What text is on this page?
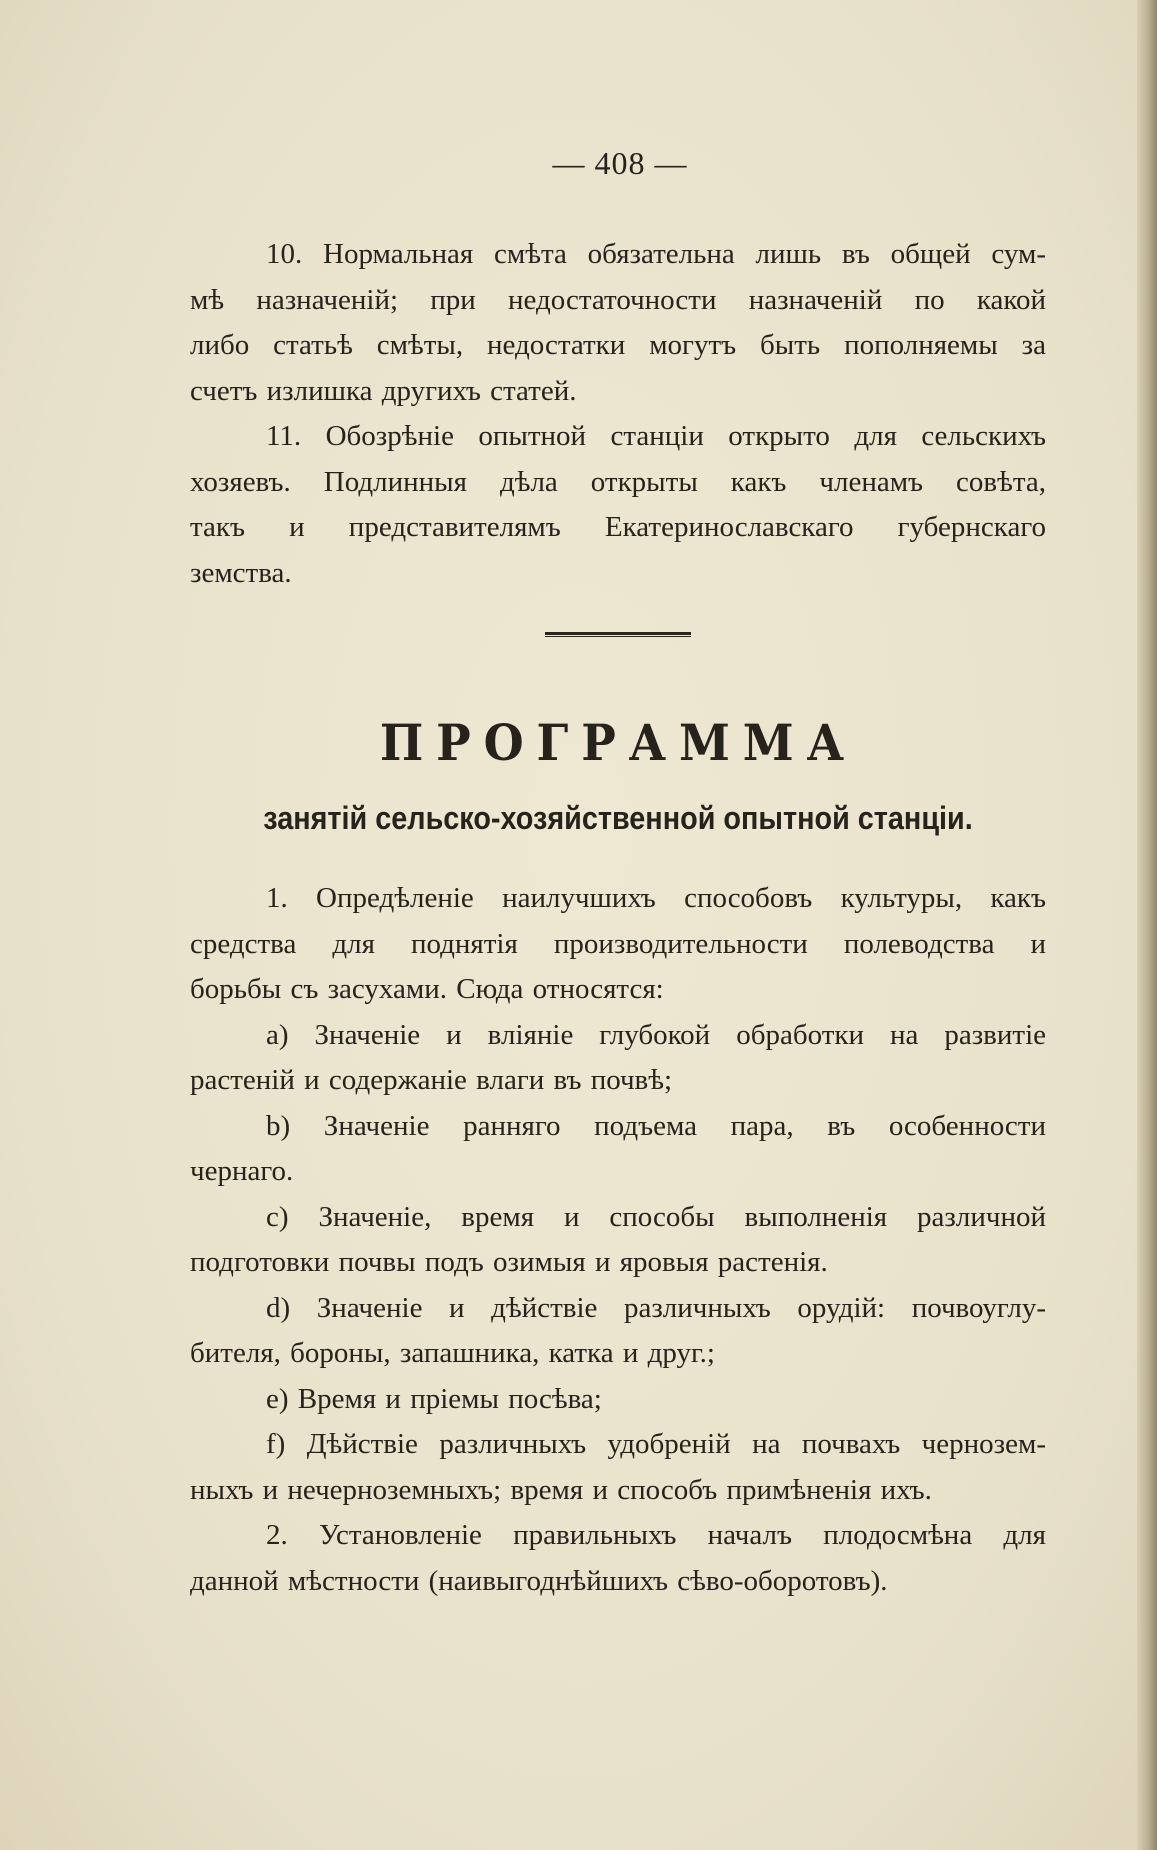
— 408 —
10. Нормальная смѣта обязательна лишь въ общей сум-
мѣ назначеній; при недостаточности назначеній по какой
либо статьѣ смѣты, недостатки могутъ быть пополняемы за
счетъ излишка другихъ статей.
11. Обозрѣніе опытной станціи открыто для сельскихъ
хозяевъ. Подлинныя дѣла открыты какъ членамъ совѣта,
такъ и представителямъ Екатеринославскаго губернскаго
земства.
ПРОГРАММА
занятій сельско-хозяйственной опытной станціи.
1. Опредѣленіе наилучшихъ способовъ культуры, какъ
средства для поднятія производительности полеводства и
борьбы съ засухами. Сюда относятся:
a) Значеніе и вліяніе глубокой обработки на развитіе
растеній и содержаніе влаги въ почвѣ;
b) Значеніе ранняго подъема пара, въ особенности
чернаго.
c) Значеніе, время и способы выполненія различной
подготовки почвы подъ озимыя и яровыя растенія.
d) Значеніе и дѣйствіе различныхъ орудій: почвоуглу-
бителя, бороны, запашника, катка и друг.;
e) Время и пріемы посѣва;
f) Дѣйствіе различныхъ удобреній на почвахъ чернозем-
ныхъ и нечерноземныхъ; время и способъ примѣненія ихъ.
2. Установленіе правильныхъ началъ плодосмѣна для
данной мѣстности (наивыгоднѣйшихъ сѣво-оборотовъ).
